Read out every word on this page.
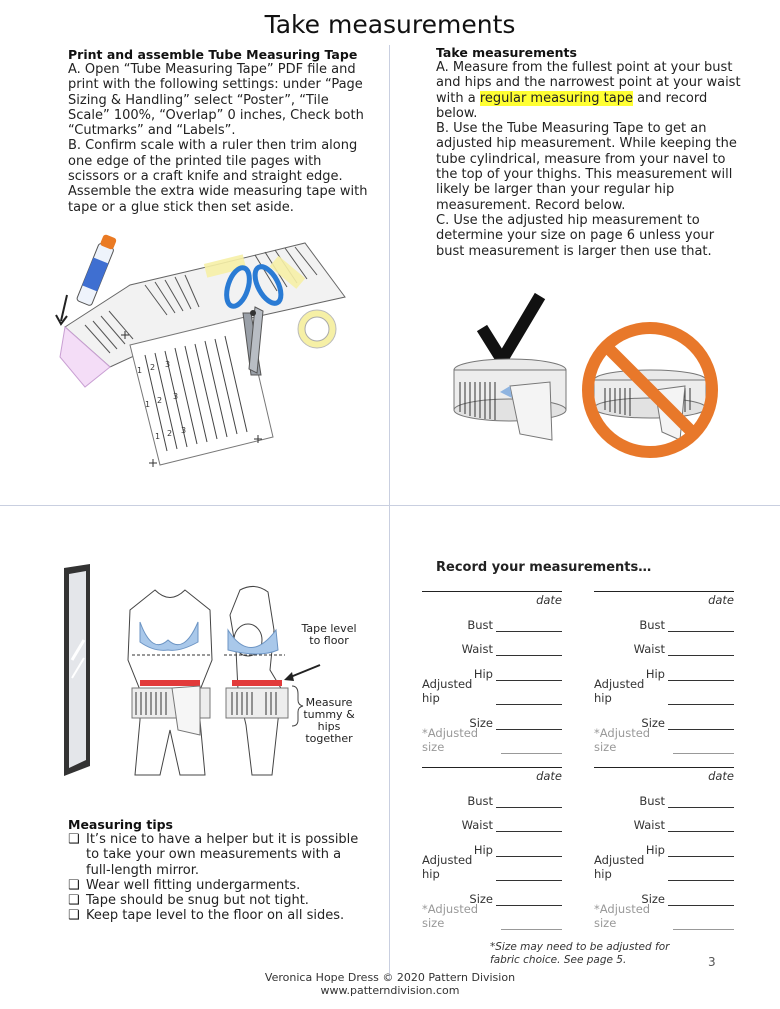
Take measurements
Print and assemble Tube Measuring Tape
A. Open “Tube Measuring Tape” PDF file and print with the following settings: under “Page Sizing & Handling” select “Poster”, “Tile Scale” 100%, “Overlap” 0 inches, Check both “Cutmarks” and “Labels”.
B. Confirm scale with a ruler then trim along one edge of the printed tile pages with scissors or a craft knife and straight edge. Assemble the extra wide measuring tape with tape or a glue stick then set aside.
Take measurements
A. Measure from the fullest point at your bust and hips and the narrowest point at your waist with a regular measuring tape and record below.
B. Use the Tube Measuring Tape to get an adjusted hip measurement. While keeping the tube cylindrical, measure from your navel to the top of your thighs. This measurement will likely be larger than your regular hip measurement. Record below.
C. Use the adjusted hip measurement to determine your size on page 6 unless your bust measurement is larger then use that.
1 2 3
1 2 3
1 2 3
Tape level to floor
Measure tummy & hips together
Measuring tips
❑ It’s nice to have a helper but it is possible to take your own measurements with a full-length mirror.
❑ Wear well fitting undergarments.
❑ Tape should be snug but not tight.
❑ Keep tape level to the floor on all sides.
Record your measurements…
date
Bust
Waist
Hip
Adjusted hip
Size
*Adjusted size
date
Bust
Waist
Hip
Adjusted hip
Size
*Adjusted size
date
Bust
Waist
Hip
Adjusted hip
Size
*Adjusted size
date
Bust
Waist
Hip
Adjusted hip
Size
*Adjusted size
*Size may need to be adjusted for fabric choice. See page 5.	3
Veronica Hope Dress © 2020 Pattern Division
www.patterndivision.com
